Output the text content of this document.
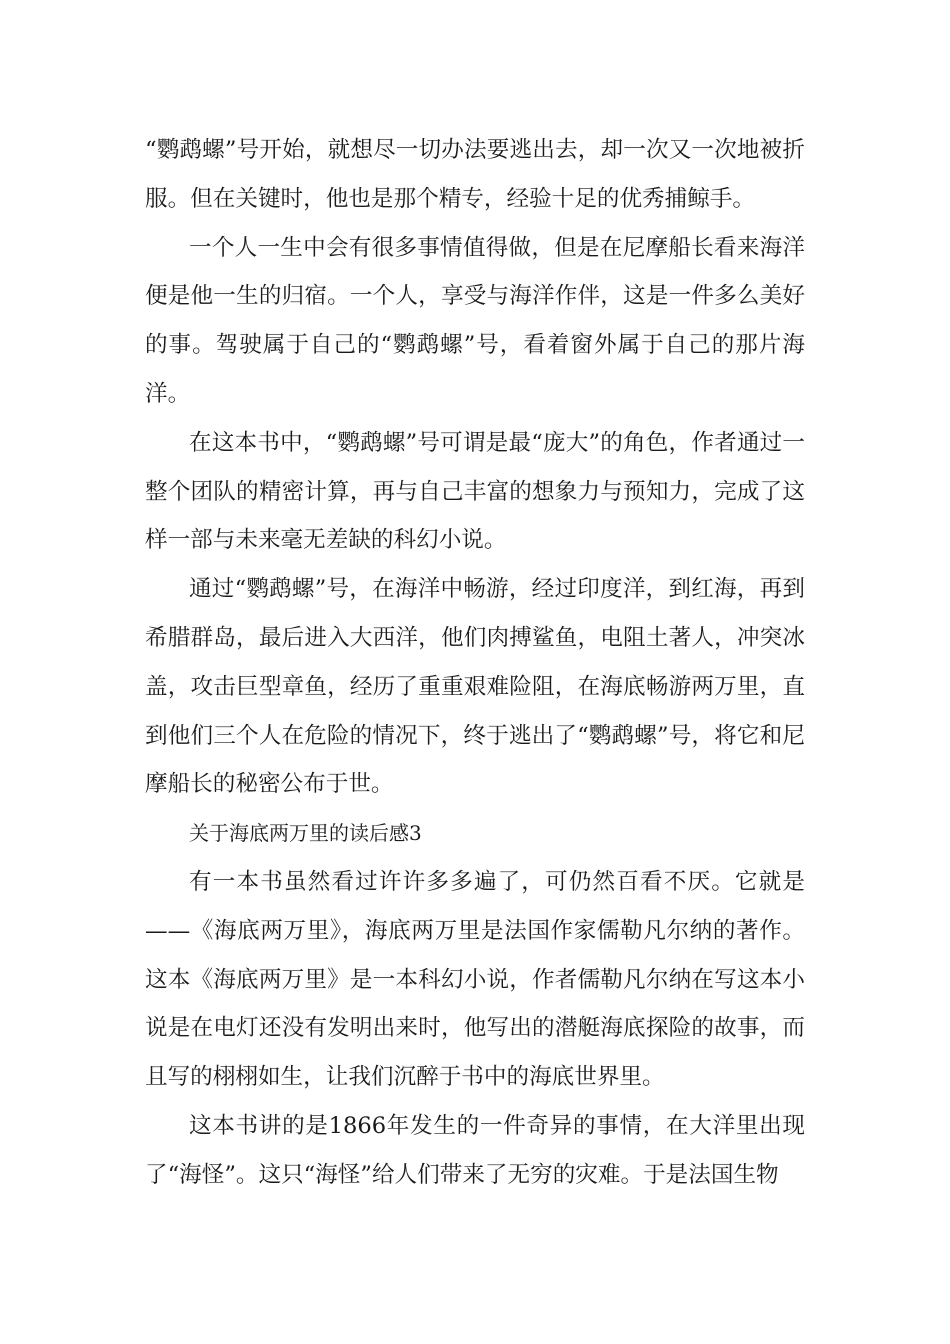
“鹦鹉螺”号开始，就想尽一切办法要逃出去，却一次又一次地被折服。但在关键时，他也是那个精专，经验十足的优秀捕鲸手。

一个人一生中会有很多事情值得做，但是在尼摩船长看来海洋便是他一生的归宿。一个人，享受与海洋作伴，这是一件多么美好的事。驾驶属于自己的“鹦鹉螺”号，看着窗外属于自己的那片海洋。

在这本书中，“鹦鹉螺”号可谓是最“庞大”的角色，作者通过一整个团队的精密计算，再与自己丰富的想象力与预知力，完成了这样一部与未来毫无差缺的科幻小说。

通过“鹦鹉螺”号，在海洋中畅游，经过印度洋，到红海，再到希腊群岛，最后进入大西洋，他们肉搏鲨鱼，电阻土著人，冲突冰盖，攻击巨型章鱼，经历了重重艰难险阻，在海底畅游两万里，直到他们三个人在危险的情况下，终于逃出了“鹦鹉螺”号，将它和尼摩船长的秘密公布于世。

关于海底两万里的读后感3

有一本书虽然看过许许多多遍了，可仍然百看不厌。它就是——《海底两万里》，海底两万里是法国作家儒勒凡尔纳的著作。这本《海底两万里》是一本科幻小说，作者儒勒凡尔纳在写这本小说是在电灯还没有发明出来时，他写出的潜艇海底探险的故事，而且写的栩栩如生，让我们沉醉于书中的海底世界里。

这本书讲的是1866年发生的一件奇异的事情，在大洋里出现了“海怪”。这只“海怪”给人们带来了无穷的灾难。于是法国生物
